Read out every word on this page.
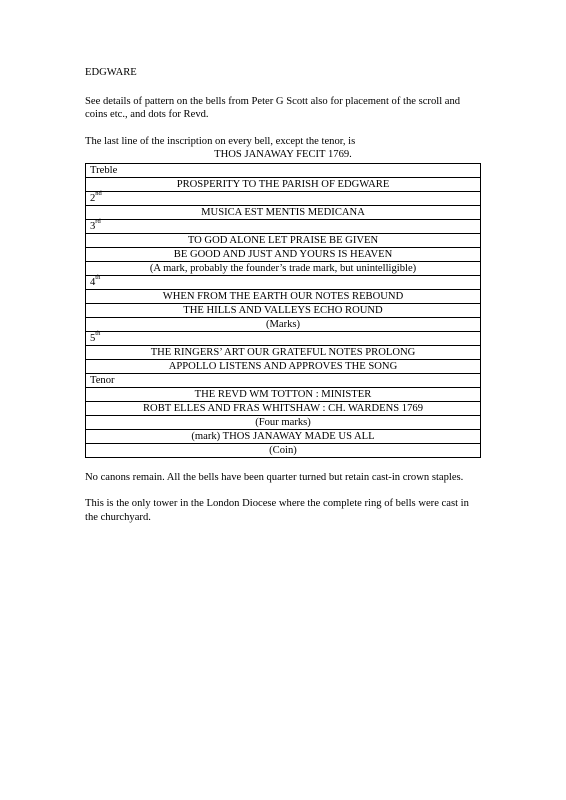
EDGWARE

See details of pattern on the bells from Peter G Scott also for placement of the scroll and coins etc., and dots for Revd.

The last line of the inscription on every bell, except the tenor, is

THOS JANAWAY FECIT 1769.

Treble
PROSPERITY TO THE PARISH OF EDGWARE
2nd
MUSICA EST MENTIS MEDICANA
3rd
TO GOD ALONE LET PRAISE BE GIVEN
BE GOOD AND JUST AND YOURS IS HEAVEN
(A mark, probably the founder’s trade mark, but unintelligible)
4th
WHEN FROM THE EARTH OUR NOTES REBOUND
THE HILLS AND VALLEYS ECHO ROUND
(Marks)
5th
THE RINGERS’ ART OUR GRATEFUL NOTES PROLONG
APPOLLO LISTENS AND APPROVES THE SONG
Tenor
THE REVD WM TOTTON : MINISTER
ROBT ELLES AND FRAS WHITSHAW : CH. WARDENS 1769
(Four marks)
(mark) THOS JANAWAY MADE US ALL
(Coin)

No canons remain. All the bells have been quarter turned but retain cast-in crown staples.

This is the only tower in the London Diocese where the complete ring of bells were cast in the churchyard.
